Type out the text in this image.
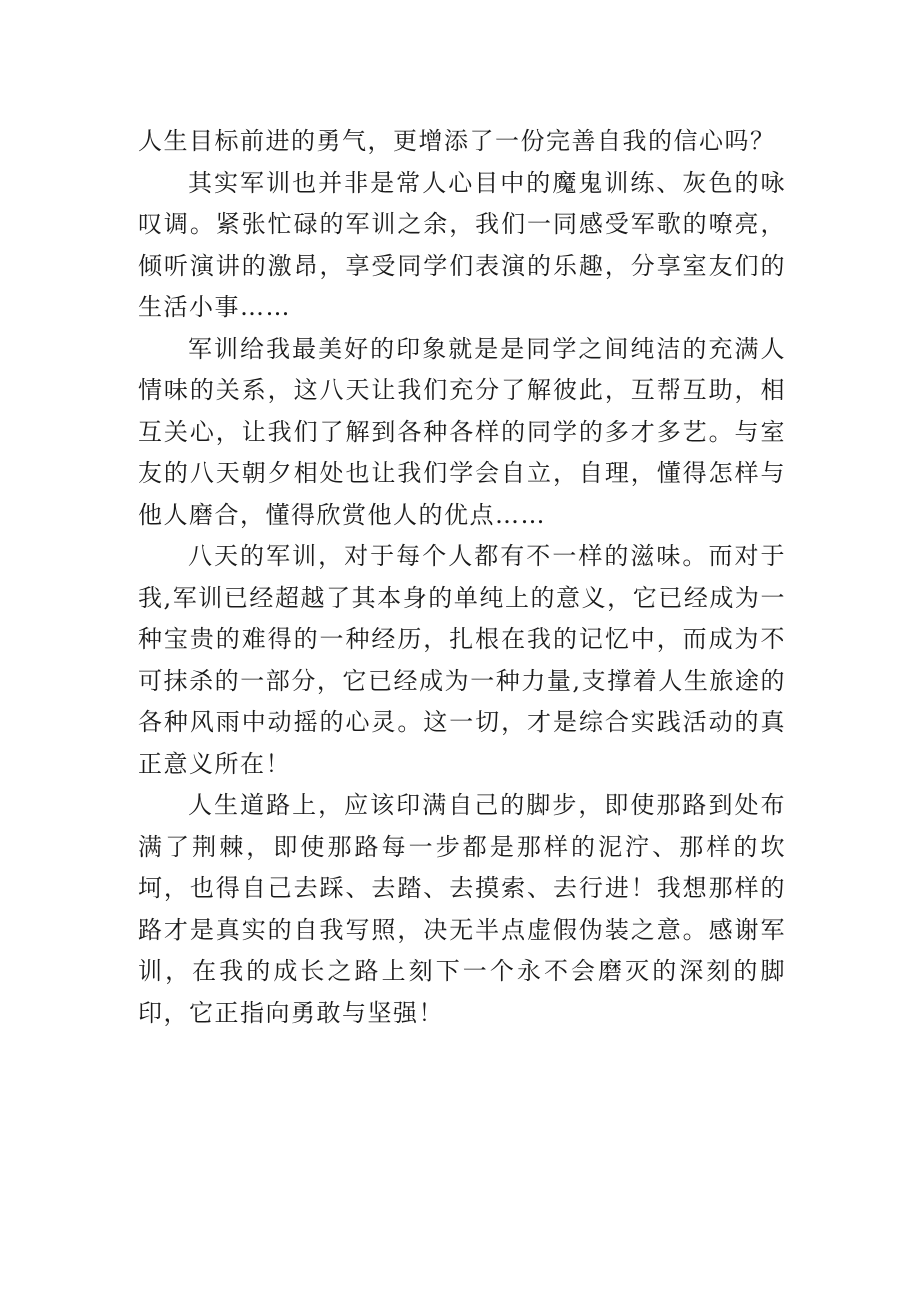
人生目标前进的勇气，更增添了一份完善自我的信心吗？

其实军训也并非是常人心目中的魔鬼训练、灰色的咏叹调。紧张忙碌的军训之余，我们一同感受军歌的嘹亮，倾听演讲的激昂，享受同学们表演的乐趣，分享室友们的生活小事……

军训给我最美好的印象就是是同学之间纯洁的充满人情味的关系，这八天让我们充分了解彼此，互帮互助，相互关心，让我们了解到各种各样的同学的多才多艺。与室友的八天朝夕相处也让我们学会自立，自理，懂得怎样与他人磨合，懂得欣赏他人的优点……

八天的军训，对于每个人都有不一样的滋味。而对于我,军训已经超越了其本身的单纯上的意义，它已经成为一种宝贵的难得的一种经历，扎根在我的记忆中，而成为不可抹杀的一部分，它已经成为一种力量,支撑着人生旅途的各种风雨中动摇的心灵。这一切，才是综合实践活动的真正意义所在！

人生道路上，应该印满自己的脚步，即使那路到处布满了荆棘，即使那路每一步都是那样的泥泞、那样的坎坷，也得自己去踩、去踏、去摸索、去行进！我想那样的路才是真实的自我写照，决无半点虚假伪装之意。感谢军训，在我的成长之路上刻下一个永不会磨灭的深刻的脚印，它正指向勇敢与坚强！
